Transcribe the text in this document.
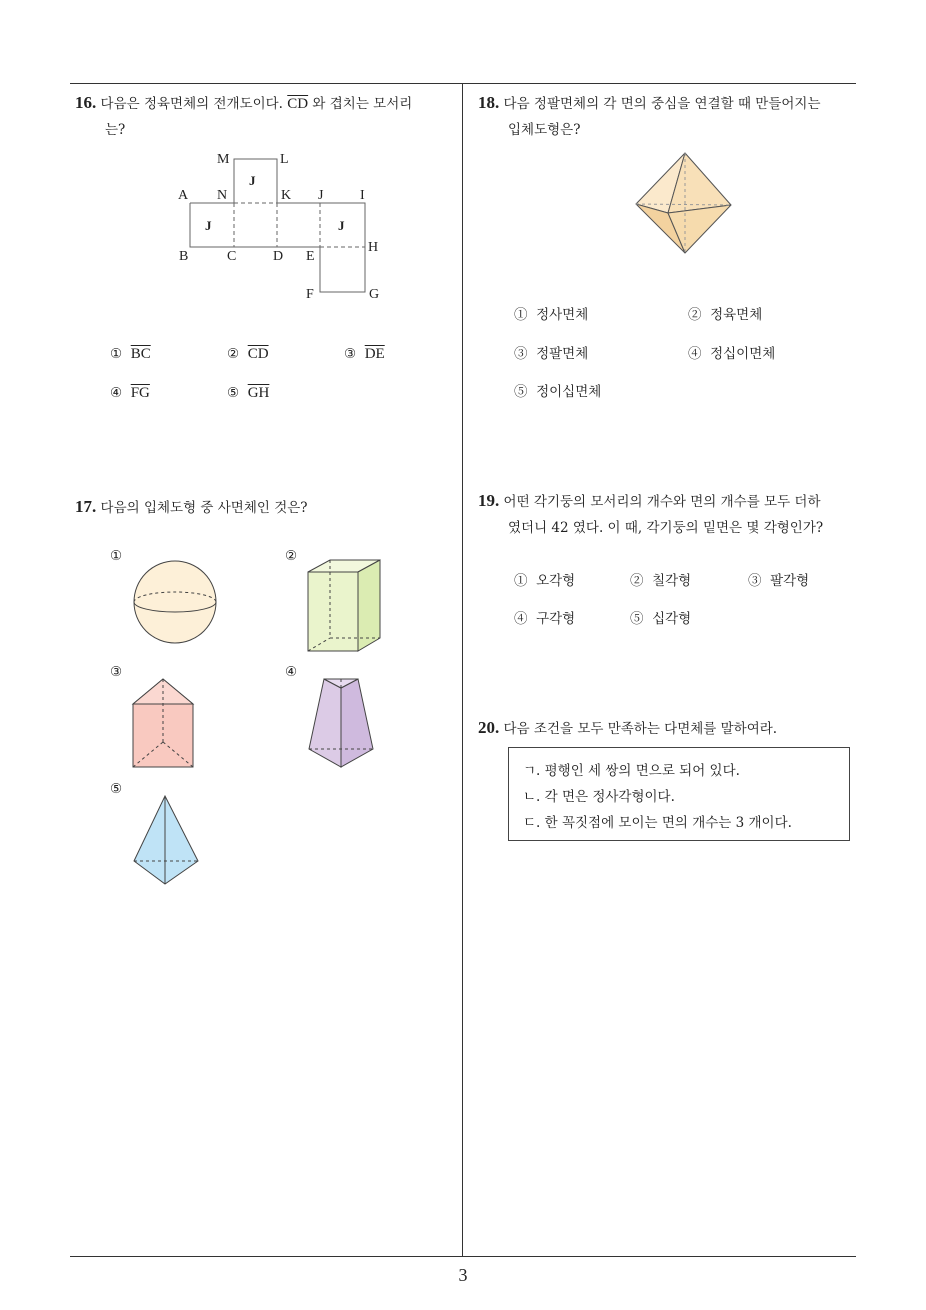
3
16. 다음은 정육면체의 전개도이다. $\overline{CD}$ 와 겹치는 모서리
는?
M	L
A N	K J	I
J
J	J
B	C	D E
H
F	G
① $\overline{BC}$	② $\overline{CD}$	③ $\overline{DE}$
④ $\overline{FG}$	⑤ $\overline{GH}$
17. 다음의 입체도형 중 사면체인 것은?
①	②
③	④
⑤
18. 다음 정팔면체의 각 면의 중심을 연결할 때 만들어지는
입체도형은?
① 정사면체	② 정육면체
③ 정팔면체	④ 정십이면체
⑤ 정이십면체
19. 어떤 각기둥의 모서리의 개수와 면의 개수를 모두 더하
였더니 42 였다. 이 때, 각기둥의 밑면은 몇 각형인가?
① 오각형	② 칠각형	③ 팔각형
④ 구각형	⑤ 십각형
20. 다음 조건을 모두 만족하는 다면체를 말하여라.
ㄱ. 평행인 세 쌍의 면으로 되어 있다.
ㄴ. 각 면은 정사각형이다.
ㄷ. 한 꼭짓점에 모이는 면의 개수는 3 개이다.
